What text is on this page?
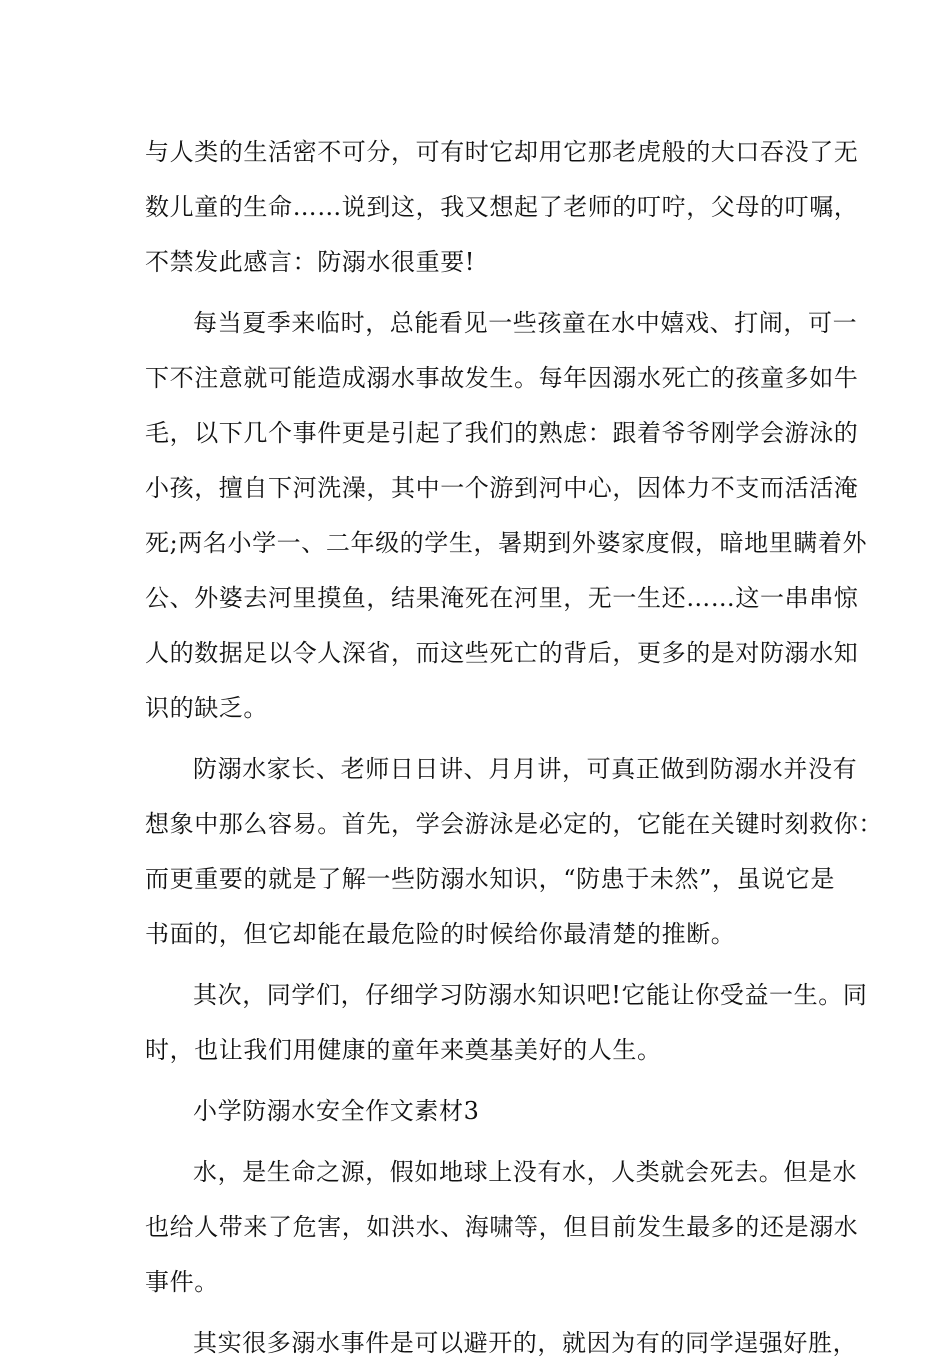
与人类的生活密不可分，可有时它却用它那老虎般的大口吞没了无
数儿童的生命……说到这，我又想起了老师的叮咛，父母的叮嘱，
不禁发此感言：防溺水很重要!
每当夏季来临时，总能看见一些孩童在水中嬉戏、打闹，可一
下不注意就可能造成溺水事故发生。每年因溺水死亡的孩童多如牛
毛，以下几个事件更是引起了我们的熟虑：跟着爷爷刚学会游泳的
小孩，擅自下河洗澡，其中一个游到河中心，因体力不支而活活淹
死;两名小学一、二年级的学生，暑期到外婆家度假，暗地里瞒着外
公、外婆去河里摸鱼，结果淹死在河里，无一生还……这一串串惊
人的数据足以令人深省，而这些死亡的背后，更多的是对防溺水知
识的缺乏。
防溺水家长、老师日日讲、月月讲，可真正做到防溺水并没有
想象中那么容易。首先，学会游泳是必定的，它能在关键时刻救你：
而更重要的就是了解一些防溺水知识，“防患于未然”，虽说它是
书面的，但它却能在最危险的时候给你最清楚的推断。
其次，同学们，仔细学习防溺水知识吧!它能让你受益一生。同
时，也让我们用健康的童年来奠基美好的人生。
小学防溺水安全作文素材3
水，是生命之源，假如地球上没有水，人类就会死去。但是水
也给人带来了危害，如洪水、海啸等，但目前发生最多的还是溺水
事件。
其实很多溺水事件是可以避开的，就因为有的同学逞强好胜，
